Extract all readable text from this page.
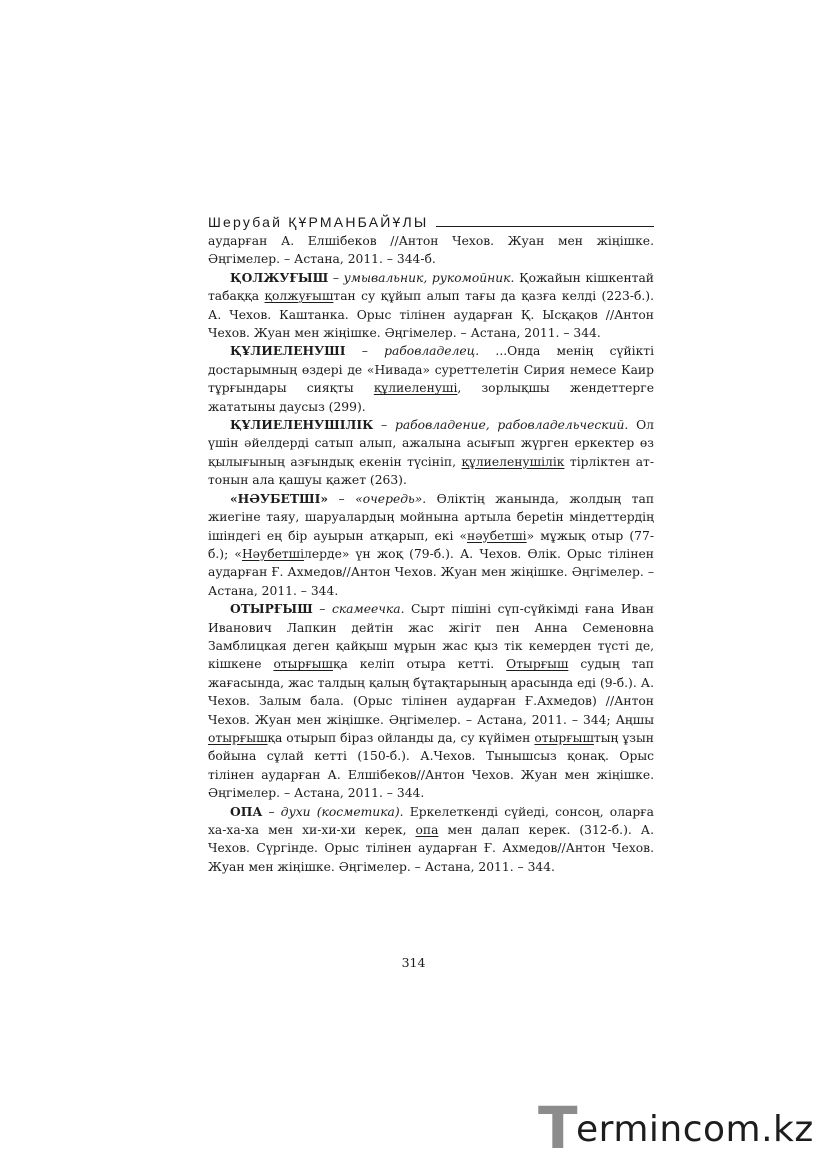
Шерубай ҚҰРМАНБАЙҰЛЫ

аударған А. Елшібеков //Антон Чехов. Жуан мен жіңішке. Әңгімелер. – Астана, 2011. – 344-б.

ҚОЛЖУҒЫШ – умывальник, рукомойник. Қожайын кішкентай табаққа қолжуғыштан су құйып алып тағы да қазға келді (223-б.). А. Чехов. Каштанка. Орыс тілінен аударған Қ. Ысқақов //Антон Чехов. Жуан мен жіңішке. Әңгімелер. – Астана, 2011. – 344.

ҚҰЛИЕЛЕНУШІ – рабовладелец. ...Онда менің сүйікті достарымның өздері де «Нивада» суреттелетін Сирия немесе Каир тұрғындары сияқты құлиеленуші, зорлықшы жендеттерге жататыны даусыз (299).

ҚҰЛИЕЛЕНУШІЛІК – рабовладение, рабовладельческий. Ол үшін әйелдерді сатып алып, ажалына асығып жүрген еркектер өз қылығының азғындық екенін түсініп, құлиеленушілік тірліктен ат-тонын ала қашуы қажет (263).

«НӘУБЕТШІ» – «очередь». Өліктің жанында, жолдың тап жиегіне таяу, шаруалардың мойнына артыла берetін міндеттердің ішіндегі ең бір ауырын атқарып, екі «нәубетші» мұжық отыр (77-б.); «Нәубетшілерде» үн жоқ (79-б.). А. Чехов. Өлік. Орыс тілінен аударған Ғ. Ахмедов//Антон Чехов. Жуан мен жіңішке. Әңгімелер. – Астана, 2011. – 344.

ОТЫРҒЫШ – скамеечка. Сырт пішіні сүп-сүйкімді ғана Иван Иванович Лапкин дейтін жас жігіт пен Анна Семеновна Замблицкая деген қайқыш мұрын жас қыз тік кемерден түсті де, кішкене отырғышқа келіп отыра кетті. Отырғыш судың тап жағасында, жас талдың қалың бұтақтарының арасында еді (9-б.). А. Чехов. Залым бала. (Орыс тілінен аударған Ғ.Ахмедов) //Антон Чехов. Жуан мен жіңішке. Әңгімелер. – Астана, 2011. – 344; Аңшы отырғышқа отырып біраз ойланды да, су күйімен отырғыштың ұзын бойына сұлай кетті (150-б.). А.Чехов. Тынышсыз қонақ. Орыс тілінен аударған А. Елшібеков//Антон Чехов. Жуан мен жіңішке. Әңгімелер. – Астана, 2011. – 344.

ОПА – духи (косметика). Еркелеткенді сүйеді, сонсоң, оларға ха-ха-ха мен хи-хи-хи керек, опа мен далап керек. (312-б.). А. Чехов. Сүргінде. Орыс тілінен аударған Ғ. Ахмедов//Антон Чехов. Жуан мен жіңішке. Әңгімелер. – Астана, 2011. – 344.

314
T
ermincom.kz
